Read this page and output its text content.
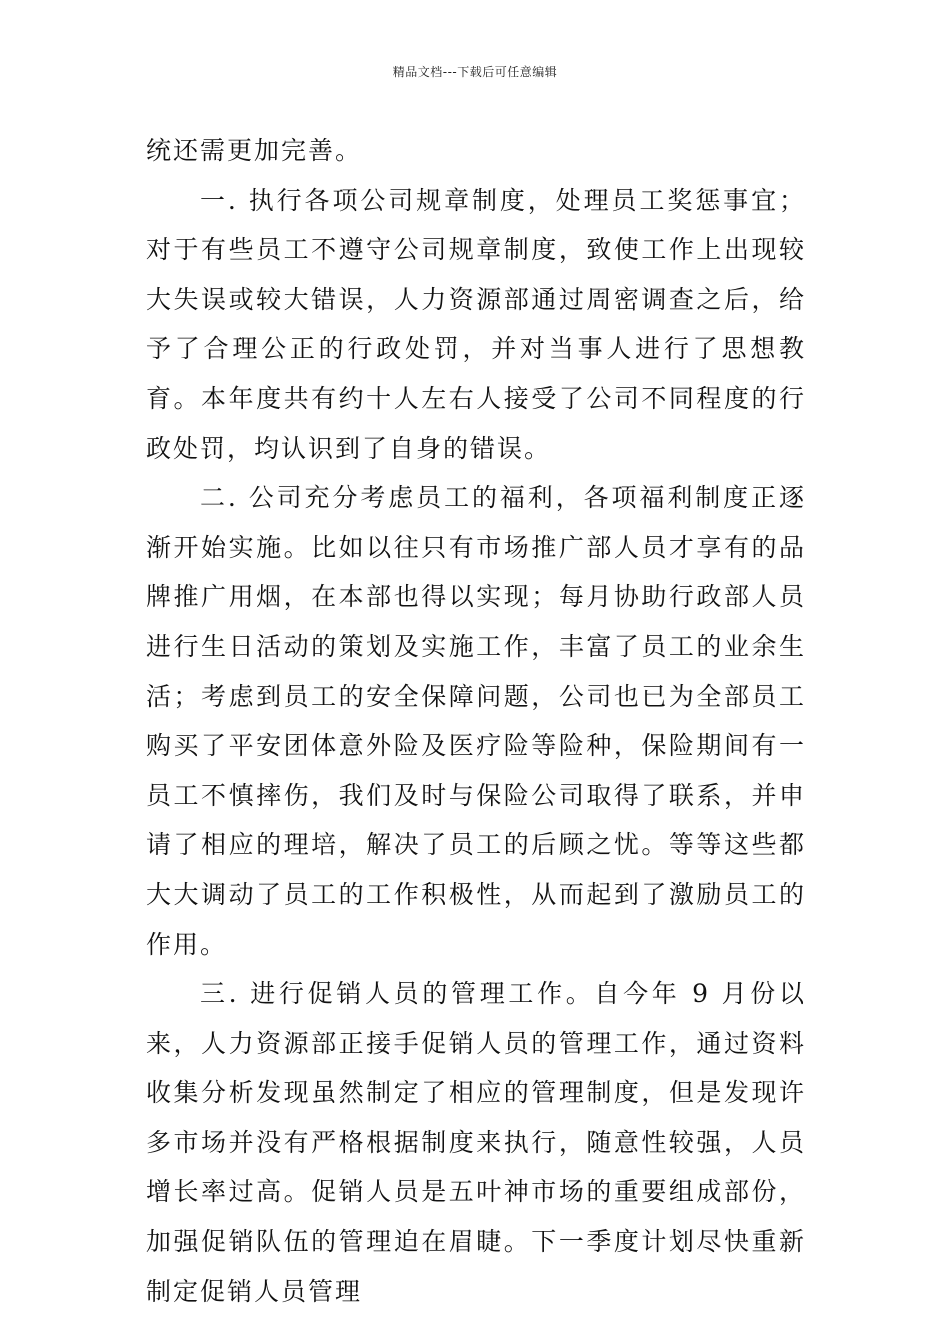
精品文档---下载后可任意编辑

统还需更加完善。

一. 执行各项公司规章制度，处理员工奖惩事宜；对于有些员工不遵守公司规章制度，致使工作上出现较大失误或较大错误，人力资源部通过周密调查之后，给予了合理公正的行政处罚，并对当事人进行了思想教育。本年度共有约十人左右人接受了公司不同程度的行政处罚，均认识到了自身的错误。

二. 公司充分考虑员工的福利，各项福利制度正逐渐开始实施。比如以往只有市场推广部人员才享有的品牌推广用烟，在本部也得以实现；每月协助行政部人员进行生日活动的策划及实施工作，丰富了员工的业余生活；考虑到员工的安全保障问题，公司也已为全部员工购买了平安团体意外险及医疗险等险种，保险期间有一员工不慎摔伤，我们及时与保险公司取得了联系，并申请了相应的理培，解决了员工的后顾之忧。等等这些都大大调动了员工的工作积极性，从而起到了激励员工的作用。

三. 进行促销人员的管理工作。自今年 9 月份以来，人力资源部正接手促销人员的管理工作，通过资料收集分析发现虽然制定了相应的管理制度，但是发现许多市场并没有严格根据制度来执行，随意性较强，人员增长率过高。促销人员是五叶神市场的重要组成部份，加强促销队伍的管理迫在眉睫。下一季度计划尽快重新制定促销人员管理
